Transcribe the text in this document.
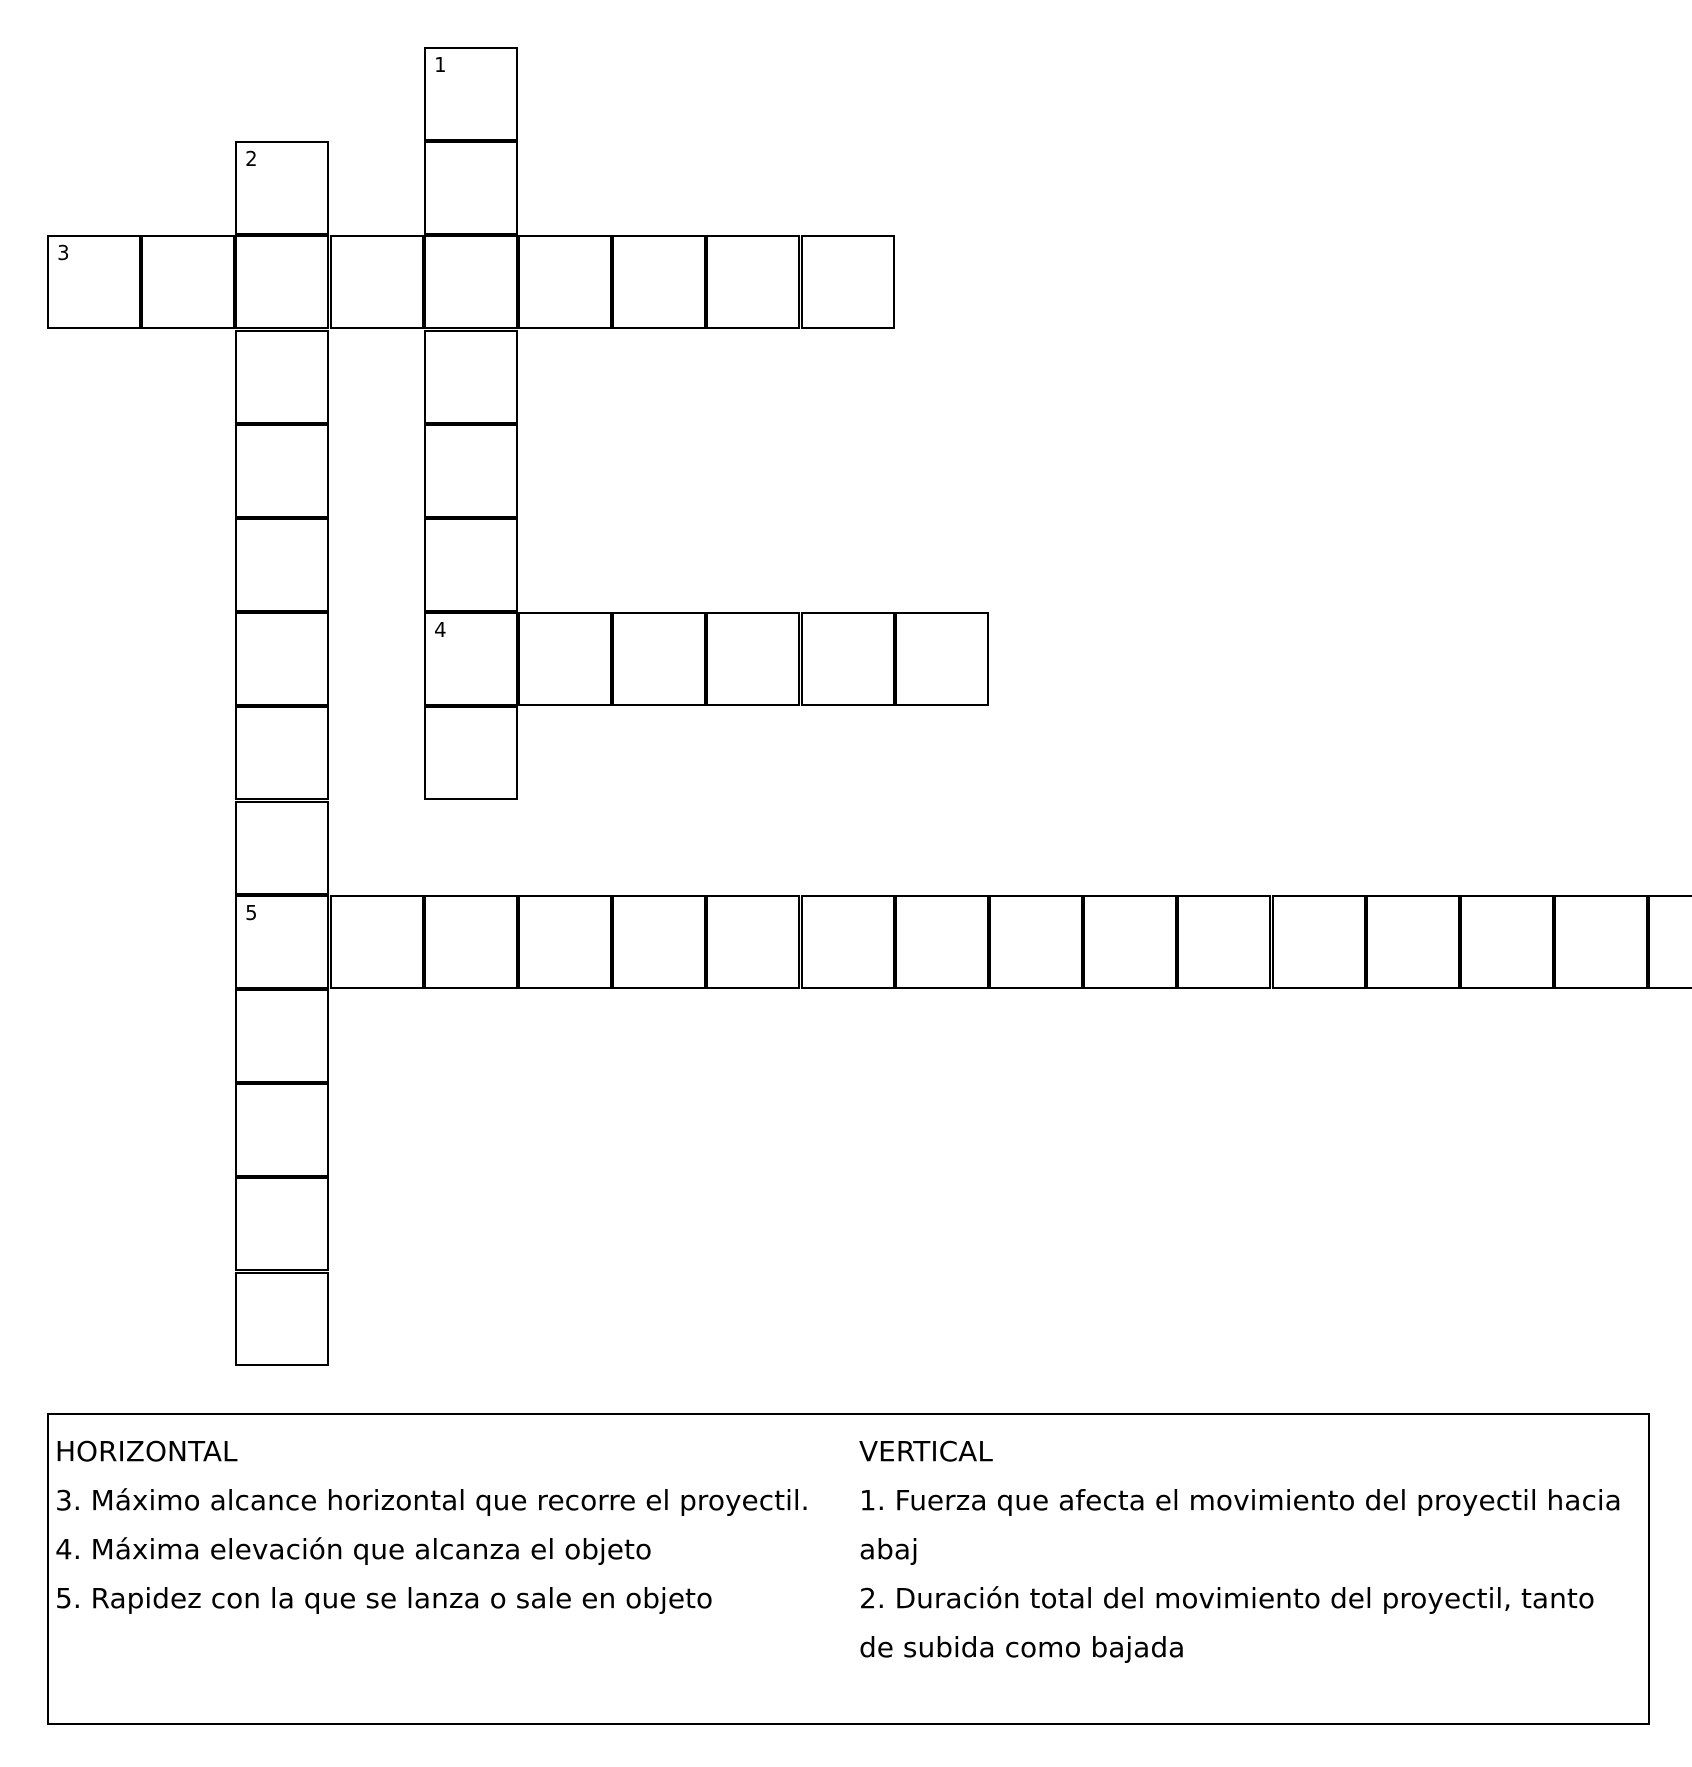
1
2
3
4
5
HORIZONTAL
3. Máximo alcance horizontal que recorre el proyectil.
4. Máxima elevación que alcanza el objeto
5. Rapidez con la que se lanza o sale en objeto
VERTICAL
1. Fuerza que afecta el movimiento del proyectil hacia abaj
2. Duración total del movimiento del proyectil, tanto de subida como bajada
